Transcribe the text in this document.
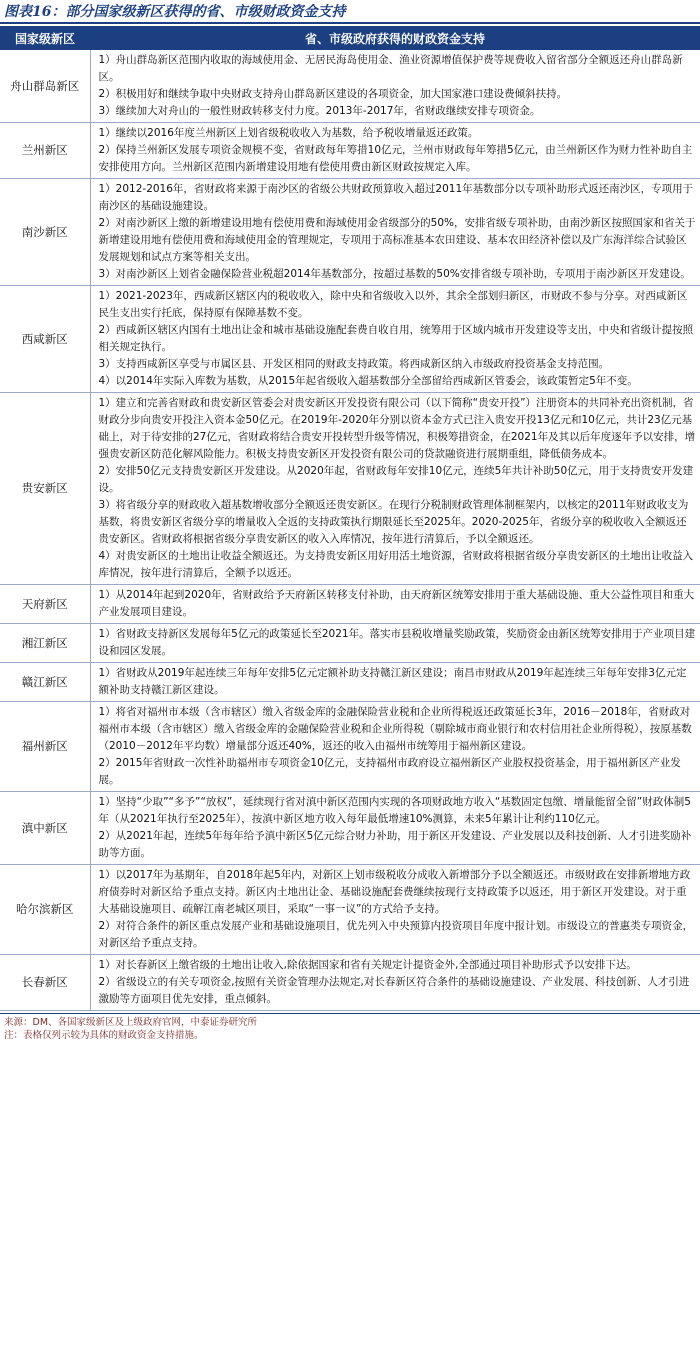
图表16：部分国家级新区获得的省、市级财政资金支持
国家级新区	省、市级政府获得的财政资金支持
舟山群岛新区	1）舟山群岛新区范围内收取的海域使用金、无居民海岛使用金、渔业资源增值保护费等规费收入留省部分全额返还舟山群岛新区。

2）积极用好和继续争取中央财政支持舟山群岛新区建设的各项资金，加大国家港口建设费倾斜扶持。

3）继续加大对舟山的一般性财政转移支付力度。2013年-2017年，省财政继续安排专项资金。

兰州新区	1）继续以2016年度兰州新区上划省级税收收入为基数，给予税收增量返还政策。

2）保持兰州新区发展专项资金规模不变，省财政每年筹措10亿元，兰州市财政每年筹措5亿元，由兰州新区作为财力性补助自主安排使用方向。兰州新区范围内新增建设用地有偿使用费由新区财政按规定入库。

南沙新区	1）2012-2016年，省财政将来源于南沙区的省级公共财政预算收入超过2011年基数部分以专项补助形式返还南沙区，专项用于南沙区的基础设施建设。

2）对南沙新区上缴的新增建设用地有偿使用费和海域使用金省级部分的50%，安排省级专项补助，由南沙新区按照国家和省关于新增建设用地有偿使用费和海域使用金的管理规定，专项用于高标准基本农田建设、基本农田经济补偿以及广东海洋综合试验区发展规划和试点方案等相关支出。

3）对南沙新区上划省金融保险营业税超2014年基数部分，按超过基数的50%安排省级专项补助，专项用于南沙新区开发建设。

西咸新区	1）2021-2023年，西咸新区辖区内的税收收入，除中央和省级收入以外，其余全部划归新区，市财政不参与分享。对西咸新区民生支出实行托底，保持原有保障基数不变。

2）西咸新区辖区内国有土地出让金和城市基础设施配套费自收自用，统筹用于区域内城市开发建设等支出，中央和省级计提按照相关规定执行。

3）支持西咸新区享受与市属区县、开发区相同的财政支持政策。将西咸新区纳入市级政府投资基金支持范围。

4）以2014年实际入库数为基数，从2015年起省级收入超基数部分全部留给西咸新区管委会，该政策暂定5年不变。

贵安新区	1）建立和完善省财政和贵安新区管委会对贵安新区开发投资有限公司（以下简称“贵安开投”）注册资本的共同补充出资机制，省财政分步向贵安开投注入资本金50亿元。在2019年-2020年分别以资本金方式已注入贵安开投13亿元和10亿元，共计23亿元基础上，对于待安排的27亿元，省财政将结合贵安开投转型升级等情况，积极筹措资金，在2021年及其以后年度逐年予以安排，增强贵安新区防范化解风险能力。积极支持贵安新区开发投资有限公司的贷款融资进行展期重组，降低债务成本。

2）安排50亿元支持贵安新区开发建设。从2020年起，省财政每年安排10亿元，连续5年共计补助50亿元，用于支持贵安开发建设。

3）将省级分享的财政收入超基数增收部分全额返还贵安新区。在现行分税制财政管理体制框架内，以核定的2011年财政收支为基数，将贵安新区省级分享的增量收入全返的支持政策执行期限延长至2025年。2020-2025年，省级分享的税收收入全额返还贵安新区。省财政将根据省级分享贵安新区的收入入库情况，按年进行清算后，予以全额返还。

4）对贵安新区的土地出让收益全额返还。为支持贵安新区用好用活土地资源，省财政将根据省级分享贵安新区的土地出让收益入库情况，按年进行清算后，全额予以返还。

天府新区	1）从2014年起到2020年，省财政给予天府新区转移支付补助，由天府新区统筹安排用于重大基础设施、重大公益性项目和重大产业发展项目建设。

湘江新区	1）省财政支持新区发展每年5亿元的政策延长至2021年。落实市县税收增量奖励政策，奖励资金由新区统筹安排用于产业项目建设和园区发展。

赣江新区	1）省财政从2019年起连续三年每年安排5亿元定额补助支持赣江新区建设；南昌市财政从2019年起连续三年每年安排3亿元定额补助支持赣江新区建设。

福州新区	1）将省对福州市本级（含市辖区）缴入省级金库的金融保险营业税和企业所得税返还政策延长3年，2016－2018年，省财政对福州市本级（含市辖区）缴入省级金库的金融保险营业税和企业所得税（剔除城市商业银行和农村信用社企业所得税），按原基数（2010－2012年平均数）增量部分返还40%，返还的收入由福州市统筹用于福州新区建设。

2）2015年省财政一次性补助福州市专项资金10亿元，支持福州市政府设立福州新区产业股权投资基金，用于福州新区产业发展。

滇中新区	1）坚持“少取”“多予”“放权”，延续现行省对滇中新区范围内实现的各项财政地方收入“基数固定包缴、增量能留全留”财政体制5年（从2021年执行至2025年），按滇中新区地方收入每年最低增速10%测算，未来5年累计让利约110亿元。

2）从2021年起，连续5年每年给予滇中新区5亿元综合财力补助，用于新区开发建设、产业发展以及科技创新、人才引进奖励补助等方面。

哈尔滨新区	1）以2017年为基期年，自2018年起5年内，对新区上划市级税收分成收入新增部分予以全额返还。市级财政在安排新增地方政府债券时对新区给予重点支持。新区内土地出让金、基础设施配套费继续按现行支持政策予以返还，用于新区开发建设。对于重大基础设施项目、疏解江南老城区项目，采取“一事一议”的方式给予支持。

2）对符合条件的新区重点发展产业和基础设施项目，优先列入中央预算内投资项目年度中报计划。市级设立的普惠类专项资金，对新区给予重点支持。

长春新区	1）对长春新区上缴省级的土地出让收入,除依据国家和省有关规定计提资金外,全部通过项目补助形式予以安排下达。

2）省级设立的有关专项资金,按照有关资金管理办法规定,对长春新区符合条件的基础设施建设、产业发展、科技创新、人才引进激励等方面项目优先安排，重点倾斜。

来源：DM、各国家级新区及上级政府官网，中泰证券研究所
注：表格仅列示较为具体的财政资金支持措施。
